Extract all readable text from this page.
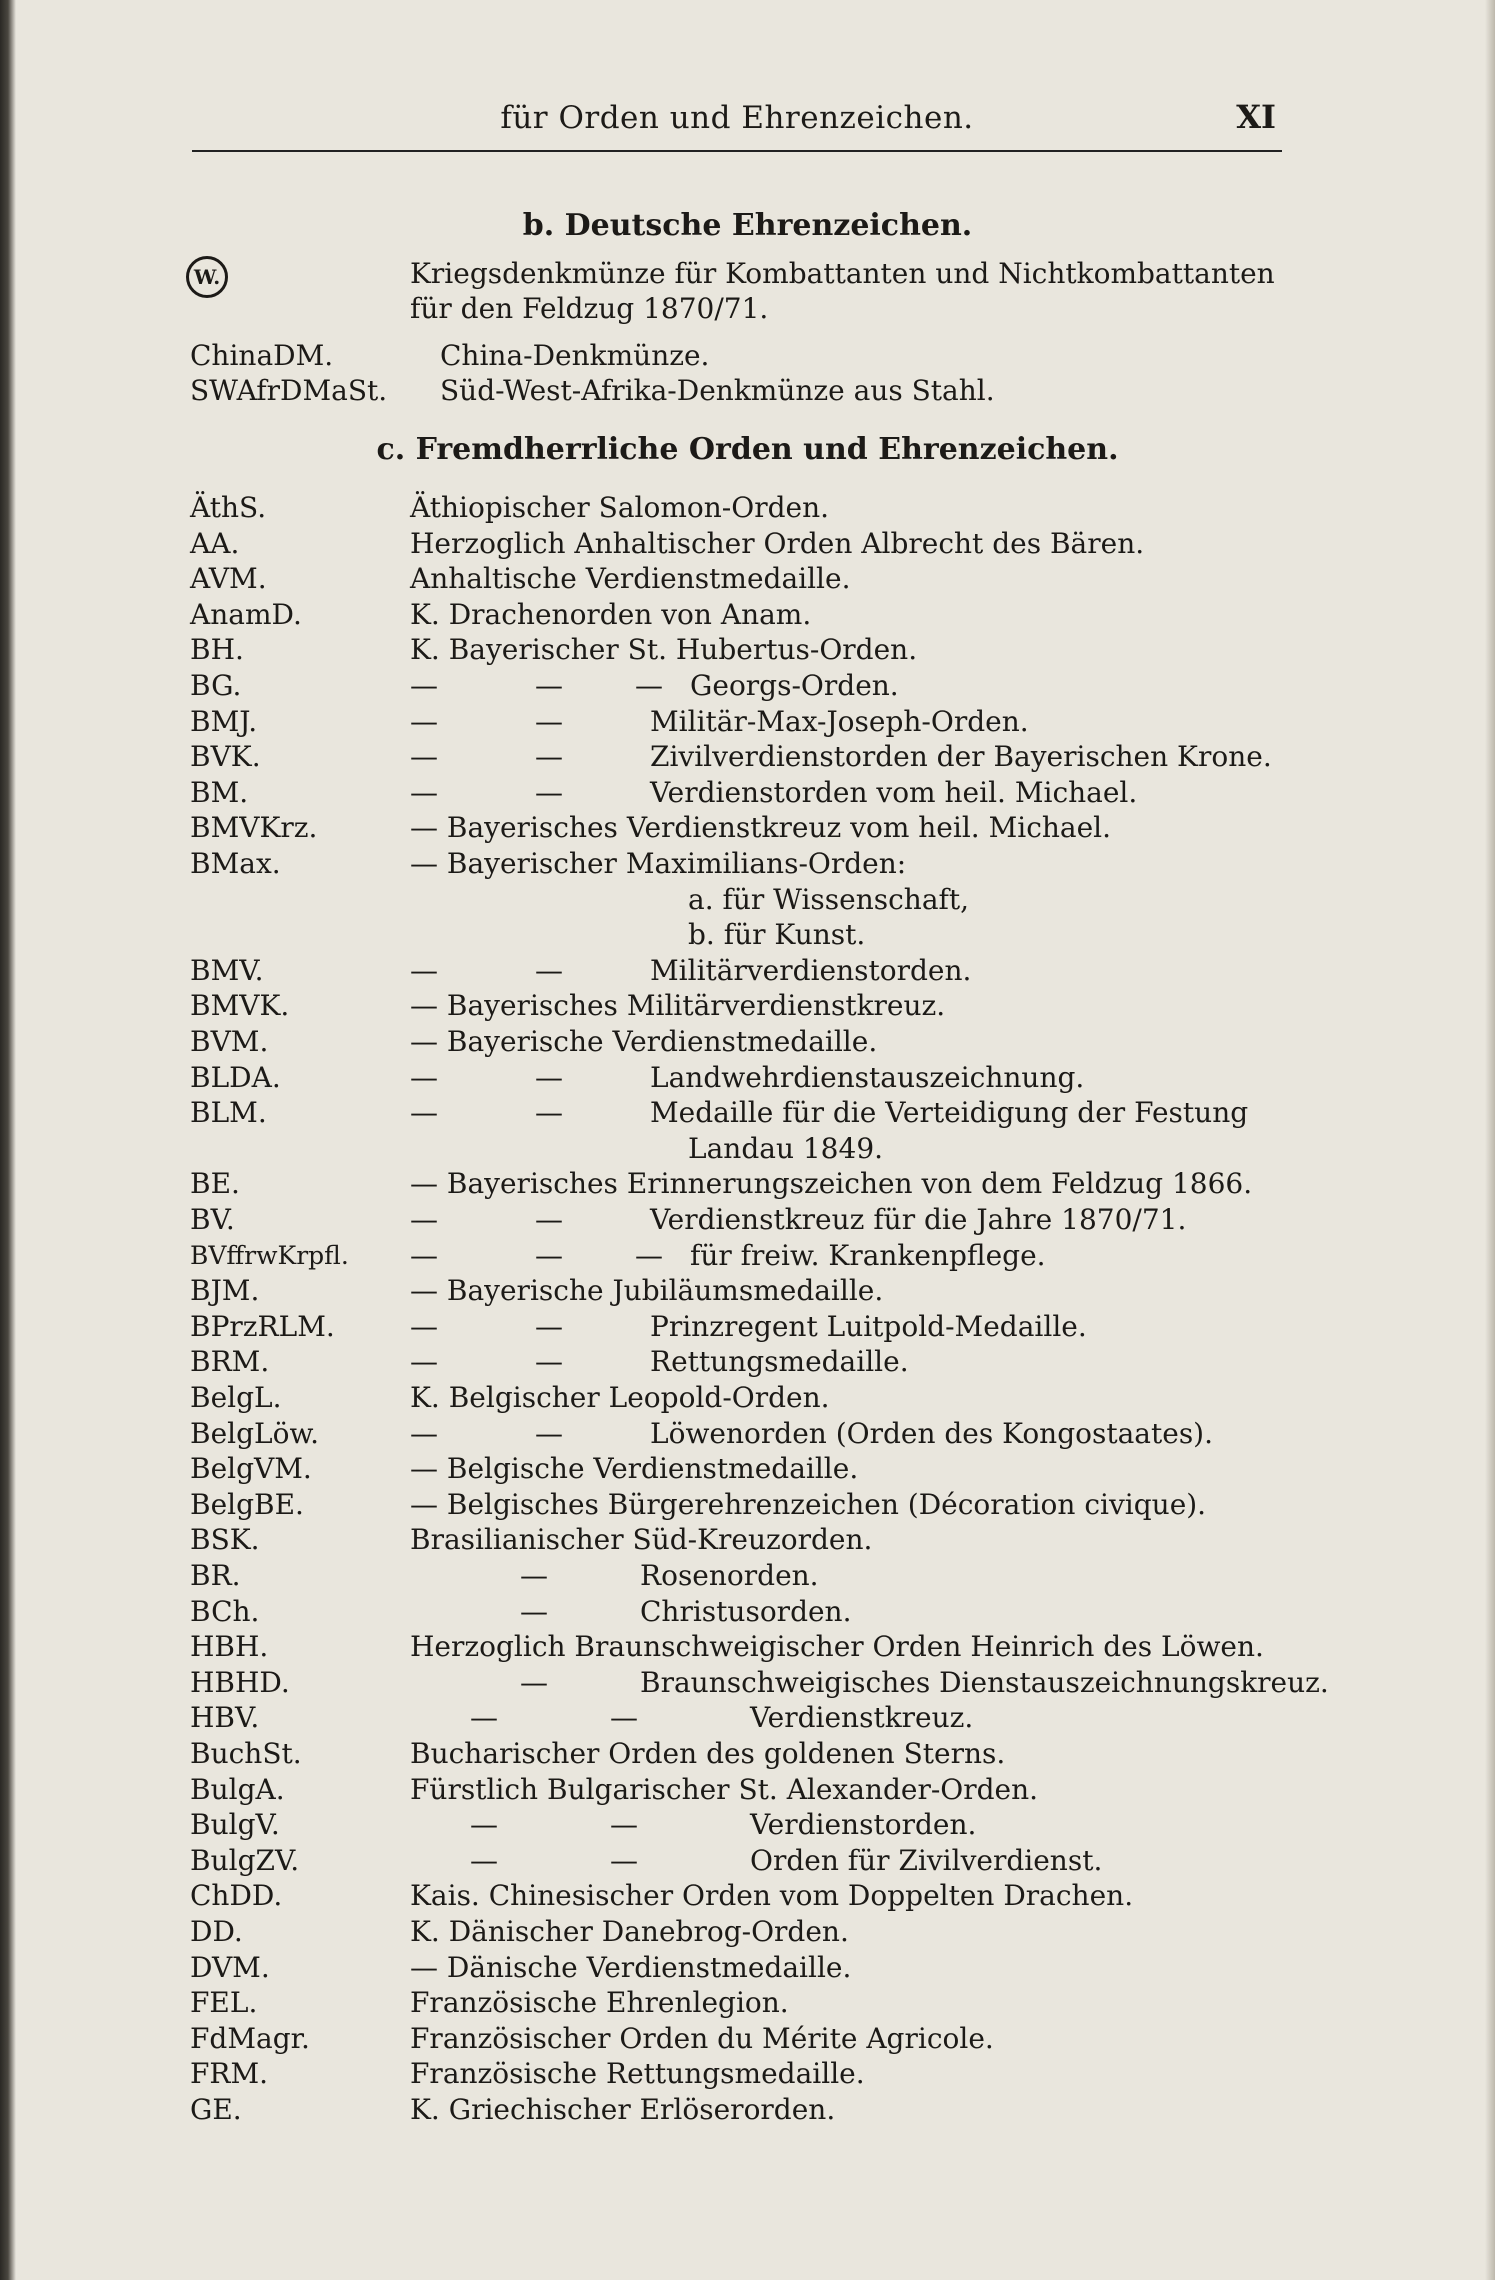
für Orden und Ehrenzeichen.	XI
b. Deutsche Ehrenzeichen.
W.	Kriegsdenkmünze für Kombattanten und Nichtkombattanten
für den Feldzug 1870/71.
ChinaDM.	China-Denkmünze.
SWAfrDMaSt. Süd-West-Afrika-Denkmünze aus Stahl.
c. Fremdherrliche Orden und Ehrenzeichen.
ÄthS.	Äthiopischer Salomon-Orden.
AA.	Herzoglich Anhaltischer Orden Albrecht des Bären.
AVM.	Anhaltische Verdienstmedaille.
AnamD.	K. Drachenorden von Anam.
BH.	K. Bayerischer St. Hubertus-Orden.
BG.	—	—	— Georgs-Orden.
BMJ.	—	—	Militär-Max-Joseph-Orden.
BVK.	—	—	Zivilverdienstorden der Bayerischen Krone.
BM.	—	—	Verdienstorden vom heil. Michael.
BMVKrz.	— Bayerisches Verdienstkreuz vom heil. Michael.
BMax.	— Bayerischer Maximilians-Orden:
a. für Wissenschaft,
b. für Kunst.
BMV.	—	—	Militärverdienstorden.
BMVK.	— Bayerisches Militärverdienstkreuz.
BVM.	— Bayerische Verdienstmedaille.
BLDA.	—	—	Landwehrdienstauszeichnung.
BLM.	—	—	Medaille für die Verteidigung der Festung
Landau 1849.
BE.	— Bayerisches Erinnerungszeichen von dem Feldzug 1866.
BV.	—	—	Verdienstkreuz für die Jahre 1870/71.
BVffrwKrpfl. —	—	— für freiw. Krankenpflege.
BJM.	— Bayerische Jubiläumsmedaille.
BPrzRLM.	—	—	Prinzregent Luitpold-Medaille.
BRM.	—	—	Rettungsmedaille.
BelgL.	K. Belgischer Leopold-Orden.
BelgLöw.	—	—	Löwenorden (Orden des Kongostaates).
BelgVM.	— Belgische Verdienstmedaille.
BelgBE.	— Belgisches Bürgerehrenzeichen (Décoration civique).
BSK.	Brasilianischer Süd-Kreuzorden.
BR.	—	Rosenorden.
BCh.	—	Christusorden.
HBH.	Herzoglich Braunschweigischer Orden Heinrich des Löwen.
HBHD.	—	Braunschweigisches Dienstauszeichnungskreuz.
HBV.	—	—	Verdienstkreuz.
BuchSt.	Bucharischer Orden des goldenen Sterns.
BulgA.	Fürstlich Bulgarischer St. Alexander-Orden.
BulgV.	—	—	Verdienstorden.
BulgZV.	—	—	Orden für Zivilverdienst.
ChDD.	Kais. Chinesischer Orden vom Doppelten Drachen.
DD.	K. Dänischer Danebrog-Orden.
DVM.	— Dänische Verdienstmedaille.
FEL.	Französische Ehrenlegion.
FdMagr.	Französischer Orden du Mérite Agricole.
FRM.	Französische Rettungsmedaille.
GE.	K. Griechischer Erlöserorden.
